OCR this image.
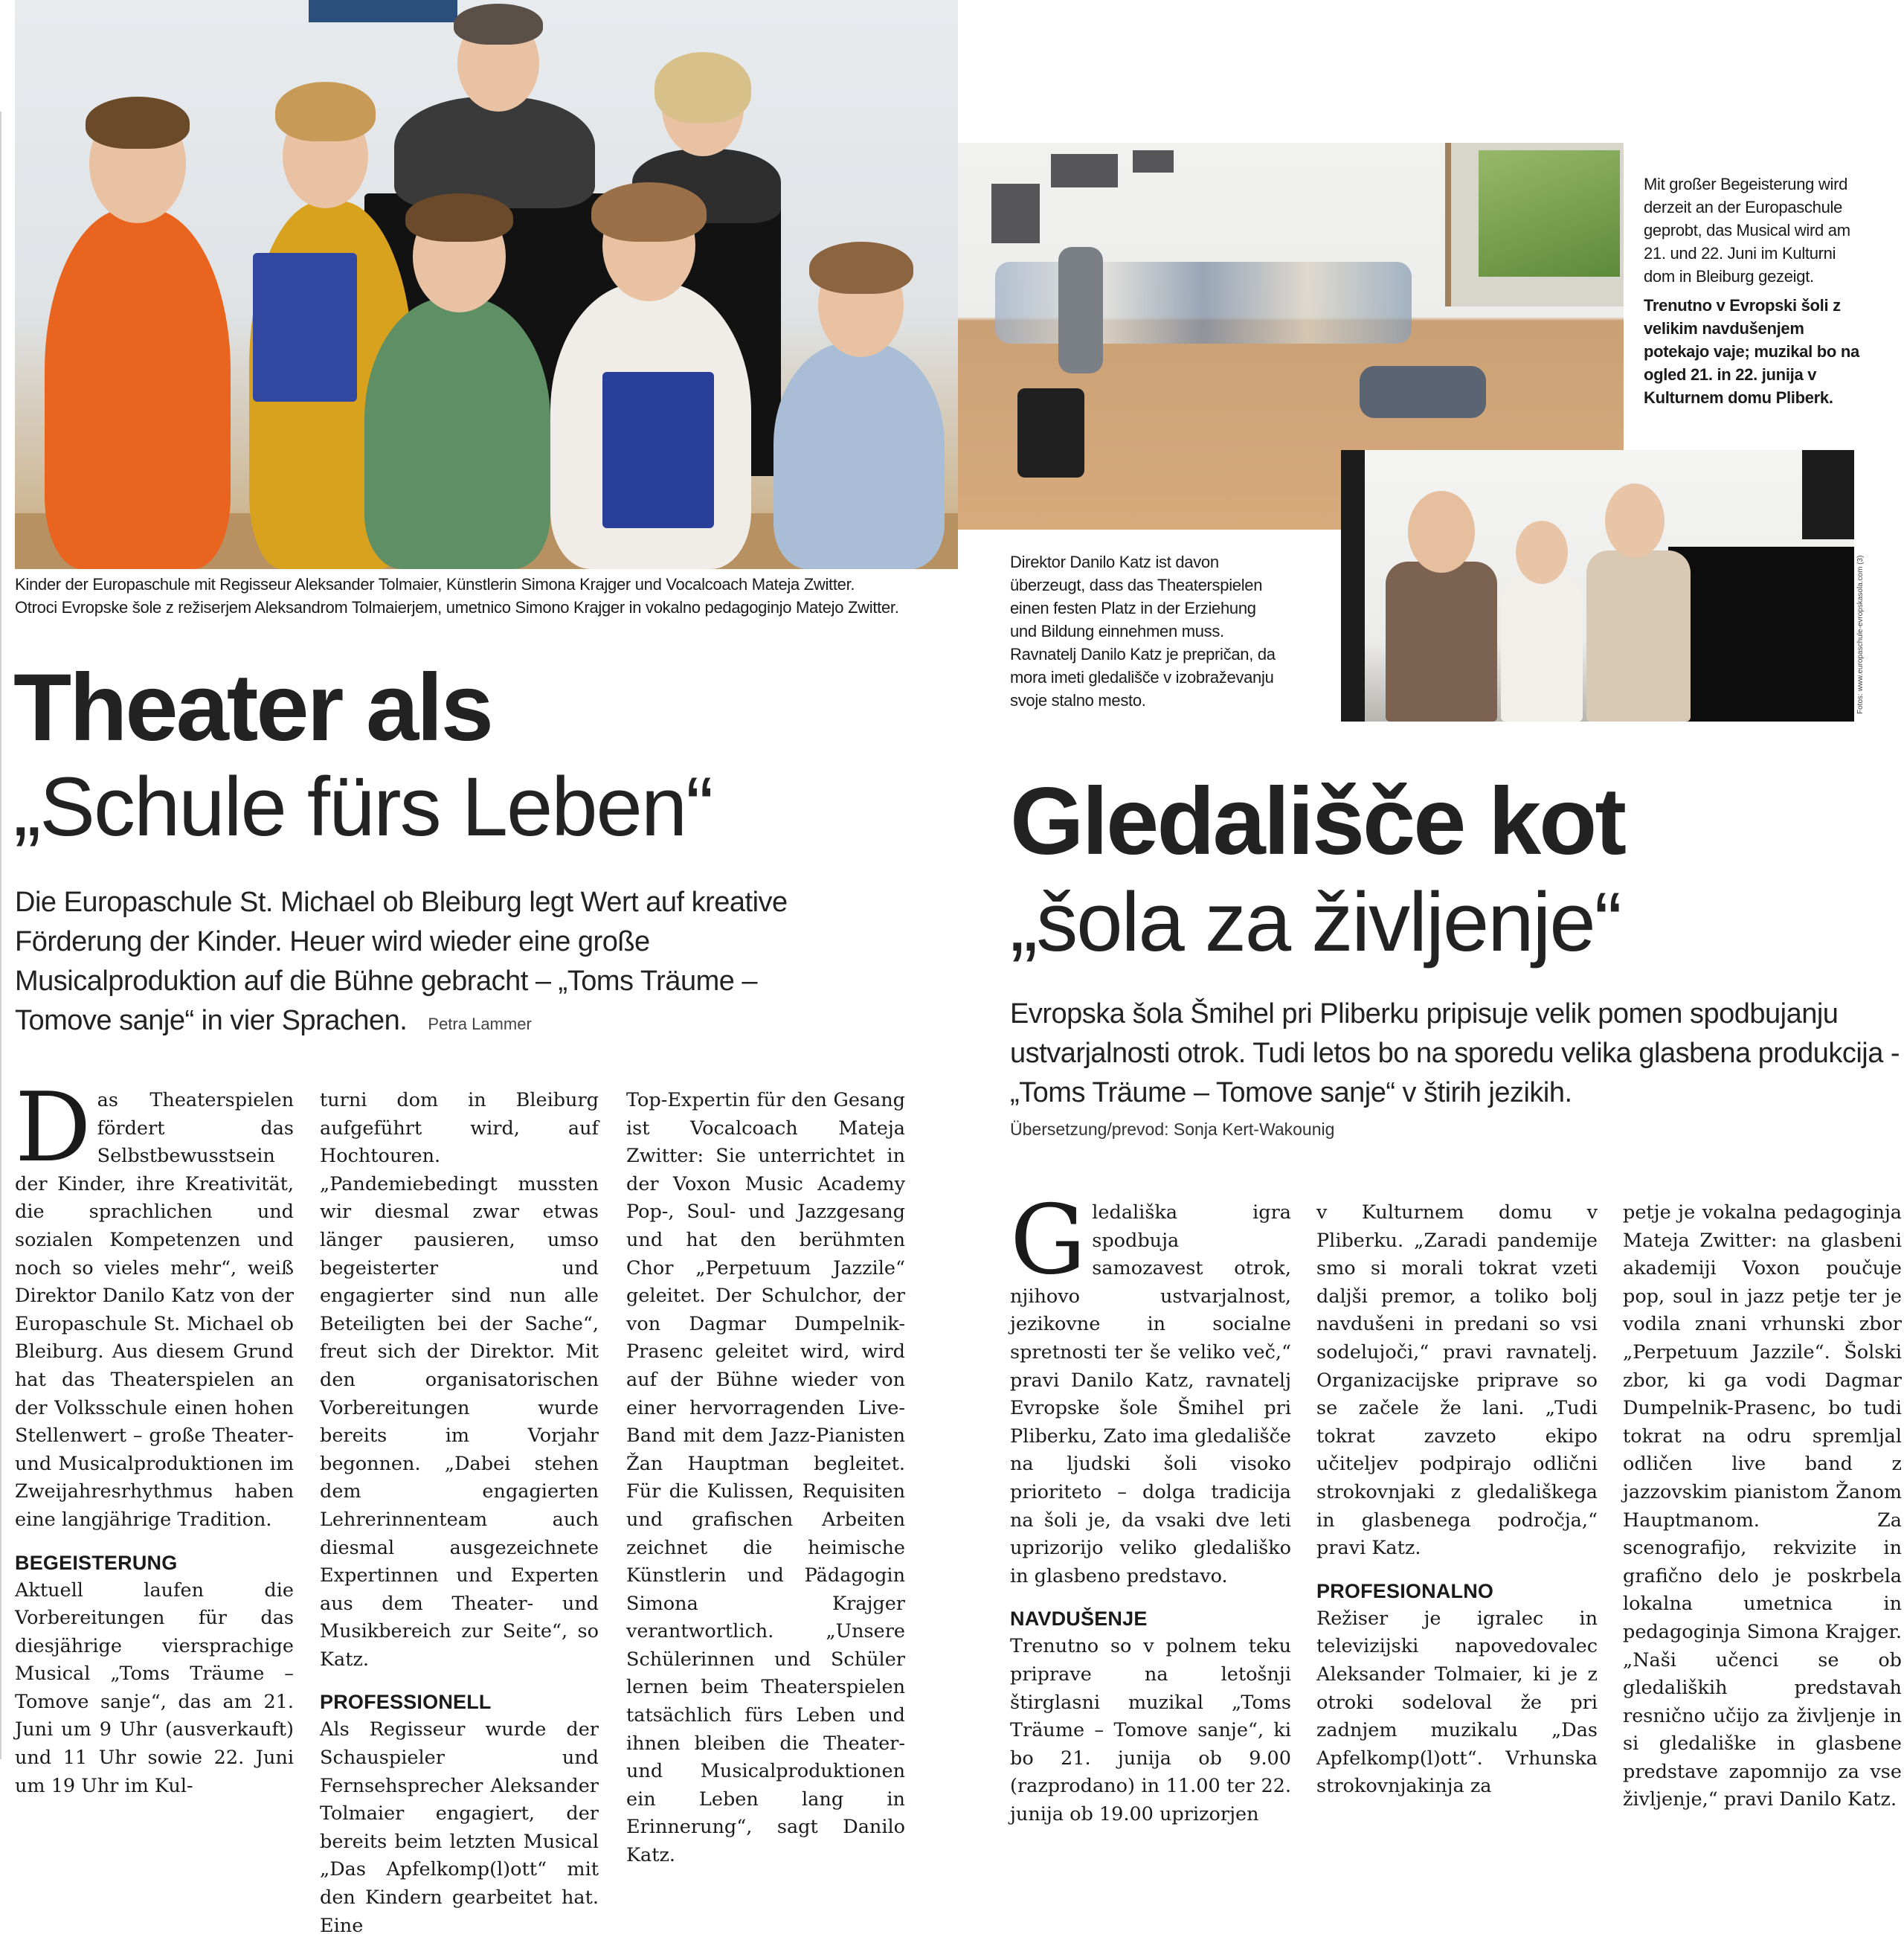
Fotos: www.europaschule-evropskasola.com (3)
Kinder der Europaschule mit Regisseur Aleksander Tolmaier, Künstlerin Simona Krajger und Vocalcoach Mateja Zwitter.
Otroci Evropske šole z režiserjem Aleksandrom Tolmaierjem, umetnico Simono Krajger in vokalno pedagoginjo Matejo Zwitter.
Mit großer Begeisterung wird derzeit an der Europaschule geprobt, das Musical wird am 21. und 22. Juni im Kulturni dom in Bleiburg gezeigt.
Trenutno v Evropski šoli z velikim navdušenjem potekajo vaje; muzikal bo na ogled 21. in 22. junija v Kulturnem domu Pliberk.
Direktor Danilo Katz ist davon überzeugt, dass das Theaterspielen einen festen Platz in der Erziehung und Bildung einnehmen muss.
Ravnatelj Danilo Katz je prepričan, da mora imeti gledališče v izobraževanju svoje stalno mesto.
Theater als
„Schule fürs Leben“
Die Europaschule St. Michael ob Bleiburg legt Wert auf kreative Förderung der Kinder. Heuer wird wieder eine große Musicalproduktion auf die Bühne gebracht – „Toms Träume – Tomove sanje“ in vier Sprachen. Petra Lammer

Das Theaterspielen fördert das Selbstbewusstsein der Kinder, ihre Kreativität, die sprachlichen und sozialen Kompetenzen und noch so vieles mehr“, weiß Direktor Danilo Katz von der Europaschule St. Michael ob Bleiburg. Aus diesem Grund hat das Theaterspielen an der Volksschule einen hohen Stellenwert – große Theater- und Musicalproduktionen im Zweijahresrhythmus haben eine langjährige Tradition.

BEGEISTERUNG

Aktuell laufen die Vorbereitungen für das diesjährige viersprachige Musical „Toms Träume – Tomove sanje“, das am 21. Juni um 9 Uhr (ausverkauft) und 11 Uhr sowie 22. Juni um 19 Uhr im Kul-

turni dom in Bleiburg aufgeführt wird, auf Hochtouren. „Pandemiebedingt mussten wir diesmal zwar etwas länger pausieren, umso begeisterter und engagierter sind nun alle Beteiligten bei der Sache“, freut sich der Direktor. Mit den organisatorischen Vorbereitungen wurde bereits im Vorjahr begonnen. „Dabei stehen dem engagierten Lehrerinnenteam auch diesmal ausgezeichnete Expertinnen und Experten aus dem Theater- und Musikbereich zur Seite“, so Katz.

PROFESSIONELL

Als Regisseur wurde der Schauspieler und Fernsehsprecher Aleksander Tolmaier engagiert, der bereits beim letzten Musical „Das Apfelkomp(l)ott“ mit den Kindern gearbeitet hat. Eine

Top-Expertin für den Gesang ist Vocalcoach Mateja Zwitter: Sie unterrichtet in der Voxon Music Academy Pop-, Soul- und Jazzgesang und hat den berühmten Chor „Perpetuum Jazzile“ geleitet. Der Schulchor, der von Dagmar Dumpelnik-Prasenc geleitet wird, wird auf der Bühne wieder von einer hervorragenden Live-Band mit dem Jazz-Pianisten Žan Hauptman begleitet. Für die Kulissen, Requisiten und grafischen Arbeiten zeichnet die heimische Künstlerin und Pädagogin Simona Krajger verantwortlich. „Unsere Schülerinnen und Schüler lernen beim Theaterspielen tatsächlich fürs Leben und ihnen bleiben die Theater- und Musicalproduktionen ein Leben lang in Erinnerung“, sagt Danilo Katz.

Gledališče kot
„šola za življenje“
Evropska šola Šmihel pri Pliberku pripisuje velik pomen spodbujanju ustvarjalnosti otrok. Tudi letos bo na sporedu velika glasbena produkcija - „Toms Träume – Tomove sanje“ v štirih jezikih.
Übersetzung/prevod: Sonja Kert-Wakounig

Gledališka igra spodbuja samozavest otrok, njihovo ustvarjalnost, jezikovne in socialne spretnosti ter še veliko več,“ pravi Danilo Katz, ravnatelj Evropske šole Šmihel pri Pliberku, Zato ima gledališče na ljudski šoli visoko prioriteto – dolga tradicija na šoli je, da vsaki dve leti uprizorijo veliko gledališko in glasbeno predstavo.

NAVDUŠENJE

Trenutno so v polnem teku priprave na letošnji štirglasni muzikal „Toms Träume – Tomove sanje“, ki bo 21. junija ob 9.00 (razprodano) in 11.00 ter 22. junija ob 19.00 uprizorjen

v Kulturnem domu v Pliberku. „Zaradi pandemije smo si morali tokrat vzeti daljši premor, a toliko bolj navdušeni in predani so vsi sodelujoči,“ pravi ravnatelj. Organizacijske priprave so se začele že lani. „Tudi tokrat zavzeto ekipo učiteljev podpirajo odlični strokovnjaki z gledališkega in glasbenega področja,“ pravi Katz.

PROFESIONALNO

Režiser je igralec in televizijski napovedovalec Aleksander Tolmaier, ki je z otroki sodeloval že pri zadnjem muzikalu „Das Apfelkomp(l)ott“. Vrhunska strokovnjakinja za

petje je vokalna pedagoginja Mateja Zwitter: na glasbeni akademiji Voxon poučuje pop, soul in jazz petje ter je vodila znani vrhunski zbor „Perpetuum Jazzile“. Šolski zbor, ki ga vodi Dagmar Dumpelnik-Prasenc, bo tudi tokrat na odru spremljal odličen live band z jazzovskim pianistom Žanom Hauptmanom. Za scenografijo, rekvizite in grafično delo je poskrbela lokalna umetnica in pedagoginja Simona Krajger. „Naši učenci se ob gledaliških predstavah resnično učijo za življenje in si gledališke in glasbene predstave zapomnijo za vse življenje,“ pravi Danilo Katz.
